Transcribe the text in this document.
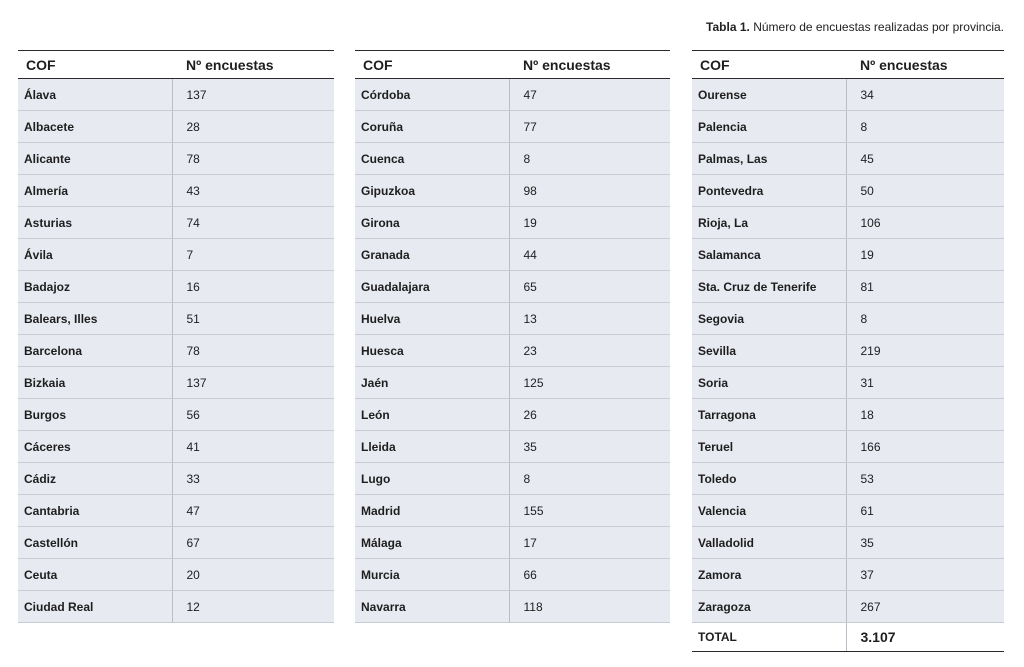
Tabla 1. Número de encuestas realizadas por provincia.
COF	Nº encuestas
Álava	137
Albacete	28
Alicante	78
Almería	43
Asturias	74
Ávila	7
Badajoz	16
Balears, Illes	51
Barcelona	78
Bizkaia	137
Burgos	56
Cáceres	41
Cádiz	33
Cantabria	47
Castellón	67
Ceuta	20
Ciudad Real	12
COF	Nº encuestas
Córdoba	47
Coruña	77
Cuenca	8
Gipuzkoa	98
Girona	19
Granada	44
Guadalajara	65
Huelva	13
Huesca	23
Jaén	125
León	26
Lleida	35
Lugo	8
Madrid	155
Málaga	17
Murcia	66
Navarra	118
COF	Nº encuestas
Ourense	34
Palencia	8
Palmas, Las	45
Pontevedra	50
Rioja, La	106
Salamanca	19
Sta. Cruz de Tenerife	81
Segovia	8
Sevilla	219
Soria	31
Tarragona	18
Teruel	166
Toledo	53
Valencia	61
Valladolid	35
Zamora	37
Zaragoza	267
TOTAL	3.107
